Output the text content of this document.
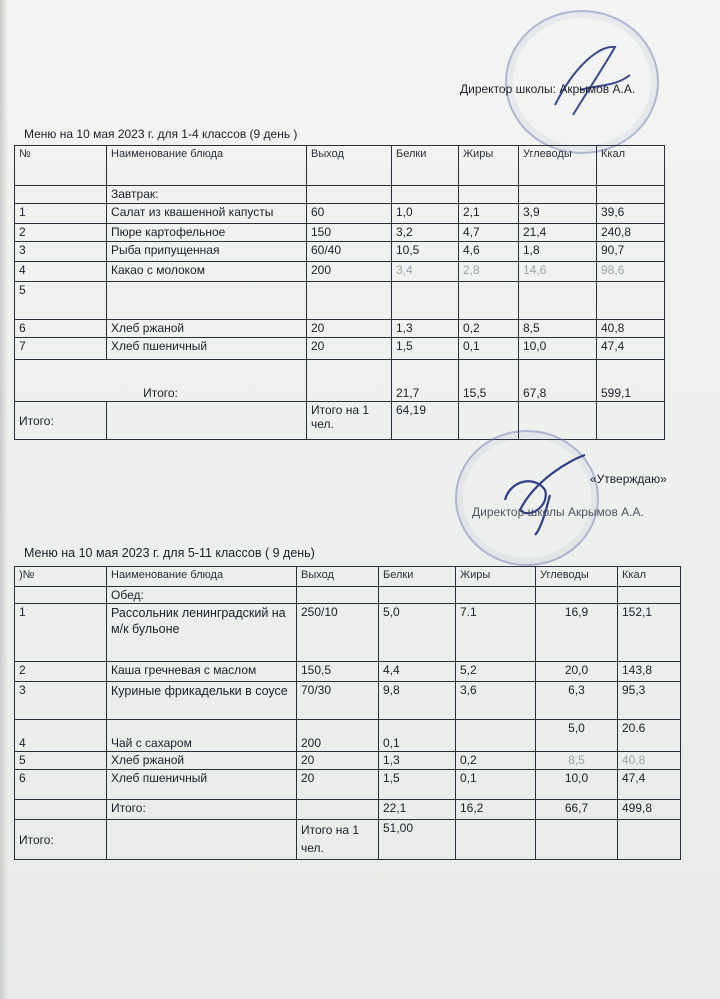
Директор школы: Акрымов А.А.
Меню на 10 мая 2023 г. для 1-4 классов (9 день )
№	Наименование блюда	Выход	Белки	Жиры	Углеводы	Ккал
	Завтрак:					
1	Салат из квашенной капусты	60	1,0	2,1	3,9	39,6
2	Пюре картофельное	150	3,2	4,7	21,4	240,8
3	Рыба припущенная	60/40	10,5	4,6	1,8	90,7
4	Какао с молоком	200	3,4	2,8	14,6	98,6
5						
6	Хлеб ржаной	20	1,3	0,2	8,5	40,8
7	Хлеб пшеничный	20	1,5	0,1	10,0	47,4
Итого:			21,7	15,5	67,8	599,1
Итого:		Итого на 1 чел.	64,19			
«Утверждаю»
Директор школы Акрымов А.А.
Меню на 10 мая 2023 г. для 5-11 классов ( 9 день)
)№	Наименование блюда	Выход	Белки	Жиры	Углеводы	Ккал
	Обед:					
1	Рассольник ленинградский на м/к бульоне	250/10	5,0	7.1	16,9	152,1
2	Каша гречневая с маслом	150,5	4,4	5,2	20,0	143,8
3	Куриные фрикадельки в соусе	70/30	9,8	3,6	6,3	95,3
4	Чай с сахаром	200	0,1		5,0	20.6
5	Хлеб ржаной	20	1,3	0,2	8,5	40,8
6	Хлеб пшеничный	20	1,5	0,1	10,0	47,4
	Итого:		22,1	16,2	66,7	499,8
Итого:		Итого на 1 чел.	51,00			
